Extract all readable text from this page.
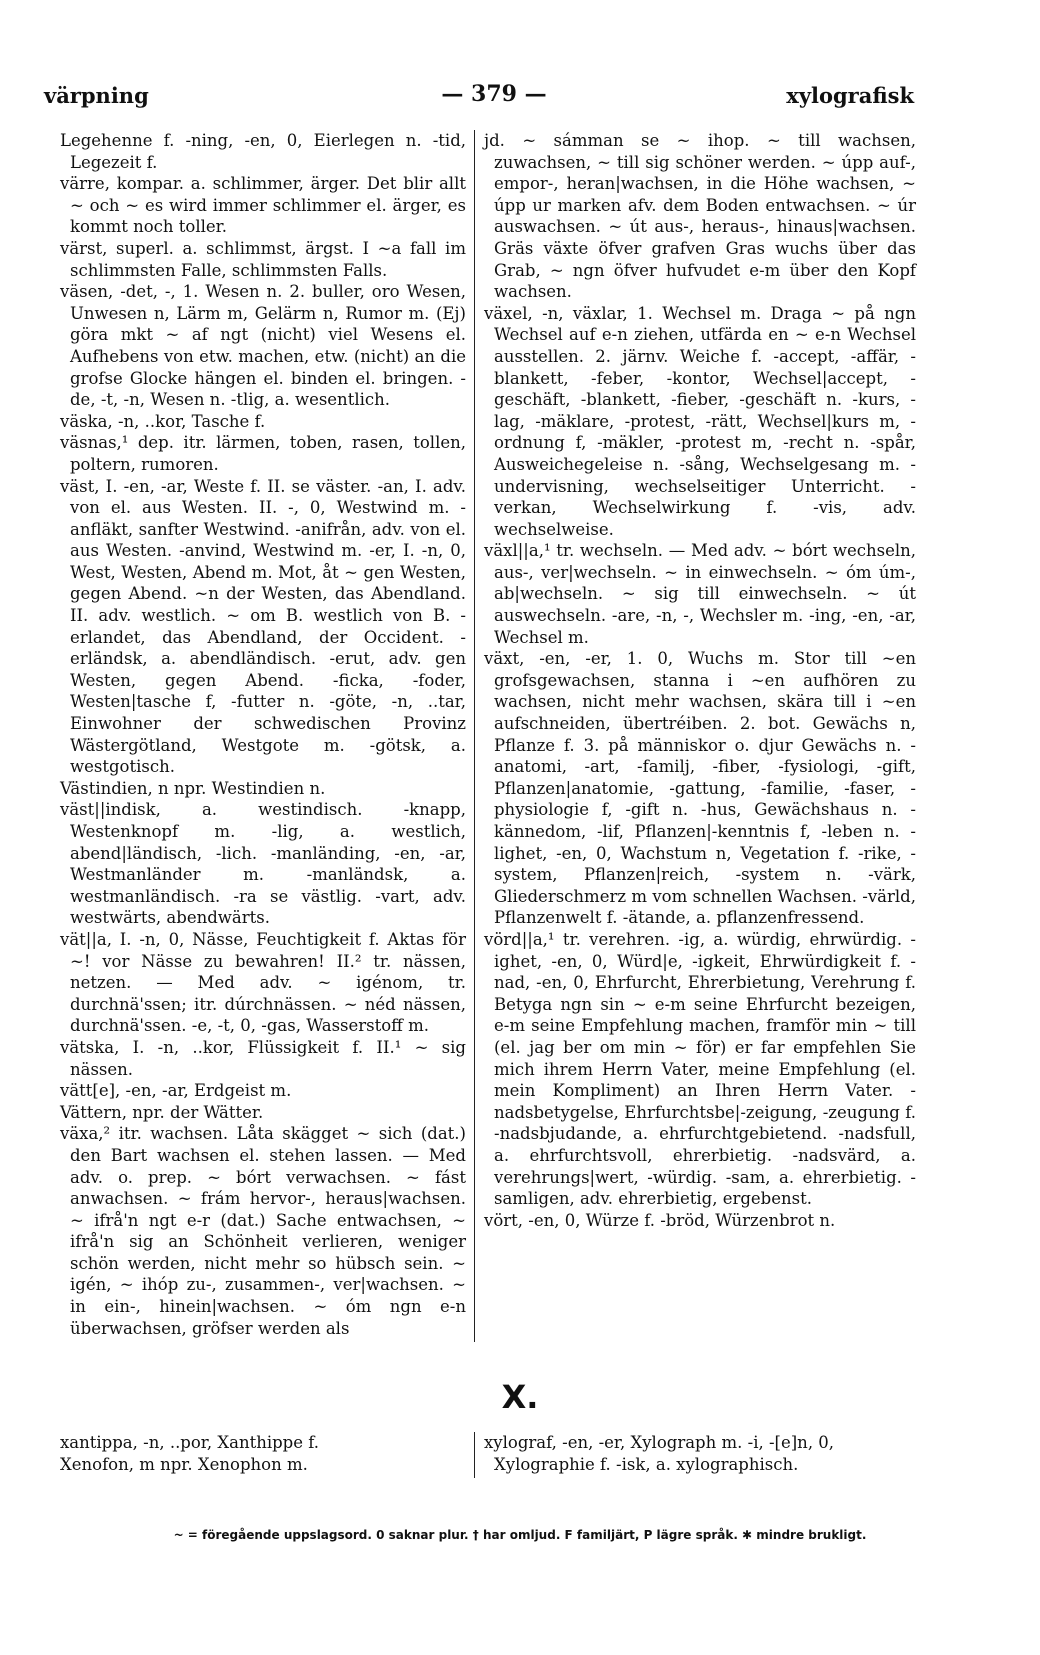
värpning	— 379 —	xylografisk

Legehenne f. -ning, -en, 0, Eierlegen n. -tid, Legezeit f.

värre, kompar. a. schlimmer, ärger. Det blir allt ~ och ~ es wird immer schlimmer el. ärger, es kommt noch toller.

värst, superl. a. schlimmst, ärgst. I ~a fall im schlimmsten Falle, schlimmsten Falls.

väsen, -det, -, 1. Wesen n. 2. buller, oro Wesen, Unwesen n, Lärm m, Gelärm n, Rumor m. (Ej) göra mkt ~ af ngt (nicht) viel Wesens el. Aufhebens von etw. machen, etw. (nicht) an die grofse Glocke hängen el. binden el. bringen. -de, -t, -n, Wesen n. -tlig, a. wesentlich.

väska, -n, ..kor, Tasche f.

väsnas,¹ dep. itr. lärmen, toben, rasen, tollen, poltern, rumoren.

väst, I. -en, -ar, Weste f. II. se väster. -an, I. adv. von el. aus Westen. II. -, 0, Westwind m. -anfläkt, sanfter Westwind. -anifrån, adv. von el. aus Westen. -anvind, Westwind m. -er, I. -n, 0, West, Westen, Abend m. Mot, åt ~ gen Westen, gegen Abend. ~n der Westen, das Abendland. II. adv. westlich. ~ om B. westlich von B. -erlandet, das Abendland, der Occident. -erländsk, a. abendländisch. -erut, adv. gen Westen, gegen Abend. -ficka, -foder, Westen|tasche f, -futter n. -göte, -n, ..tar, Einwohner der schwedischen Provinz Wästergötland, Westgote m. -götsk, a. westgotisch.

Västindien, n npr. Westindien n.

väst||indisk, a. westindisch. -knapp, Westenknopf m. -lig, a. westlich, abend|ländisch, -lich. -manländing, -en, -ar, Westmanländer m. -manländsk, a. westmanländisch. -ra se västlig. -vart, adv. westwärts, abendwärts.

vät||a, I. -n, 0, Nässe, Feuchtigkeit f. Aktas för ~! vor Nässe zu bewahren! II.² tr. nässen, netzen. — Med adv. ~ igénom, tr. durchnä'ssen; itr. dúrchnässen. ~ néd nässen, durchnä'ssen. -e, -t, 0, -gas, Wasserstoff m.

vätska, I. -n, ..kor, Flüssigkeit f. II.¹ ~ sig nässen.

vätt[e], -en, -ar, Erdgeist m.

Vättern, npr. der Wätter.

växa,² itr. wachsen. Låta skägget ~ sich (dat.) den Bart wachsen el. stehen lassen. — Med adv. o. prep. ~ bórt verwachsen. ~ fást anwachsen. ~ frám hervor-, heraus|wachsen. ~ ifrå'n ngt e-r (dat.) Sache entwachsen, ~ ifrå'n sig an Schönheit verlieren, weniger schön werden, nicht mehr so hübsch sein. ~ igén, ~ ihóp zu-, zusammen-, ver|wachsen. ~ in ein-, hinein|wachsen. ~ óm ngn e-n überwachsen, gröfser werden als

jd. ~ sámman se ~ ihop. ~ till wachsen, zuwachsen, ~ till sig schöner werden. ~ úpp auf-, empor-, heran|wachsen, in die Höhe wachsen, ~ úpp ur marken afv. dem Boden entwachsen. ~ úr auswachsen. ~ út aus-, heraus-, hinaus|wachsen. Gräs växte öfver grafven Gras wuchs über das Grab, ~ ngn öfver hufvudet e-m über den Kopf wachsen.

växel, -n, växlar, 1. Wechsel m. Draga ~ på ngn Wechsel auf e-n ziehen, utfärda en ~ e-n Wechsel ausstellen. 2. järnv. Weiche f. -accept, -affär, -blankett, -feber, -kontor, Wechsel|accept, -geschäft, -blankett, -fieber, -geschäft n. -kurs, -lag, -mäklare, -protest, -rätt, Wechsel|kurs m, -ordnung f, -mäkler, -protest m, -recht n. -spår, Ausweichegeleise n. -sång, Wechselgesang m. -undervisning, wechselseitiger Unterricht. -verkan, Wechselwirkung f. -vis, adv. wechselweise.

växl||a,¹ tr. wechseln. — Med adv. ~ bórt wechseln, aus-, ver|wechseln. ~ in einwechseln. ~ óm úm-, ab|wechseln. ~ sig till einwechseln. ~ út auswechseln. -are, -n, -, Wechsler m. -ing, -en, -ar, Wechsel m.

växt, -en, -er, 1. 0, Wuchs m. Stor till ~en grofsgewachsen, stanna i ~en aufhören zu wachsen, nicht mehr wachsen, skära till i ~en aufschneiden, übertréiben. 2. bot. Gewächs n, Pflanze f. 3. på människor o. djur Gewächs n. -anatomi, -art, -familj, -fiber, -fysiologi, -gift, Pflanzen|anatomie, -gattung, -familie, -faser, -physiologie f, -gift n. -hus, Gewächshaus n. -kännedom, -lif, Pflanzen|-kenntnis f, -leben n. -lighet, -en, 0, Wachstum n, Vegetation f. -rike, -system, Pflanzen|reich, -system n. -värk, Gliederschmerz m vom schnellen Wachsen. -värld, Pflanzenwelt f. -ätande, a. pflanzenfressend.

vörd||a,¹ tr. verehren. -ig, a. würdig, ehrwürdig. -ighet, -en, 0, Würd|e, -igkeit, Ehrwürdigkeit f. -nad, -en, 0, Ehrfurcht, Ehrerbietung, Verehrung f. Betyga ngn sin ~ e-m seine Ehrfurcht bezeigen, e-m seine Empfehlung machen, framför min ~ till (el. jag ber om min ~ för) er far empfehlen Sie mich ihrem Herrn Vater, meine Empfehlung (el. mein Kompliment) an Ihren Herrn Vater. -nadsbetygelse, Ehrfurchtsbe|-zeigung, -zeugung f. -nadsbjudande, a. ehrfurchtgebietend. -nadsfull, a. ehrfurchtsvoll, ehrerbietig. -nadsvärd, a. verehrungs|wert, -würdig. -sam, a. ehrerbietig. -samligen, adv. ehrerbietig, ergebenst.

vört, -en, 0, Würze f. -bröd, Würzenbrot n.

X.
xantippa, -n, ..por, Xanthippe f.
Xenofon, m npr. Xenophon m.
xylograf, -en, -er, Xylograph m. -i, -[e]n, 0, Xylographie f. -isk, a. xylographisch.
~ = föregående uppslagsord. 0 saknar plur. † har omljud. F familjärt, P lägre språk. ✱ mindre brukligt.
